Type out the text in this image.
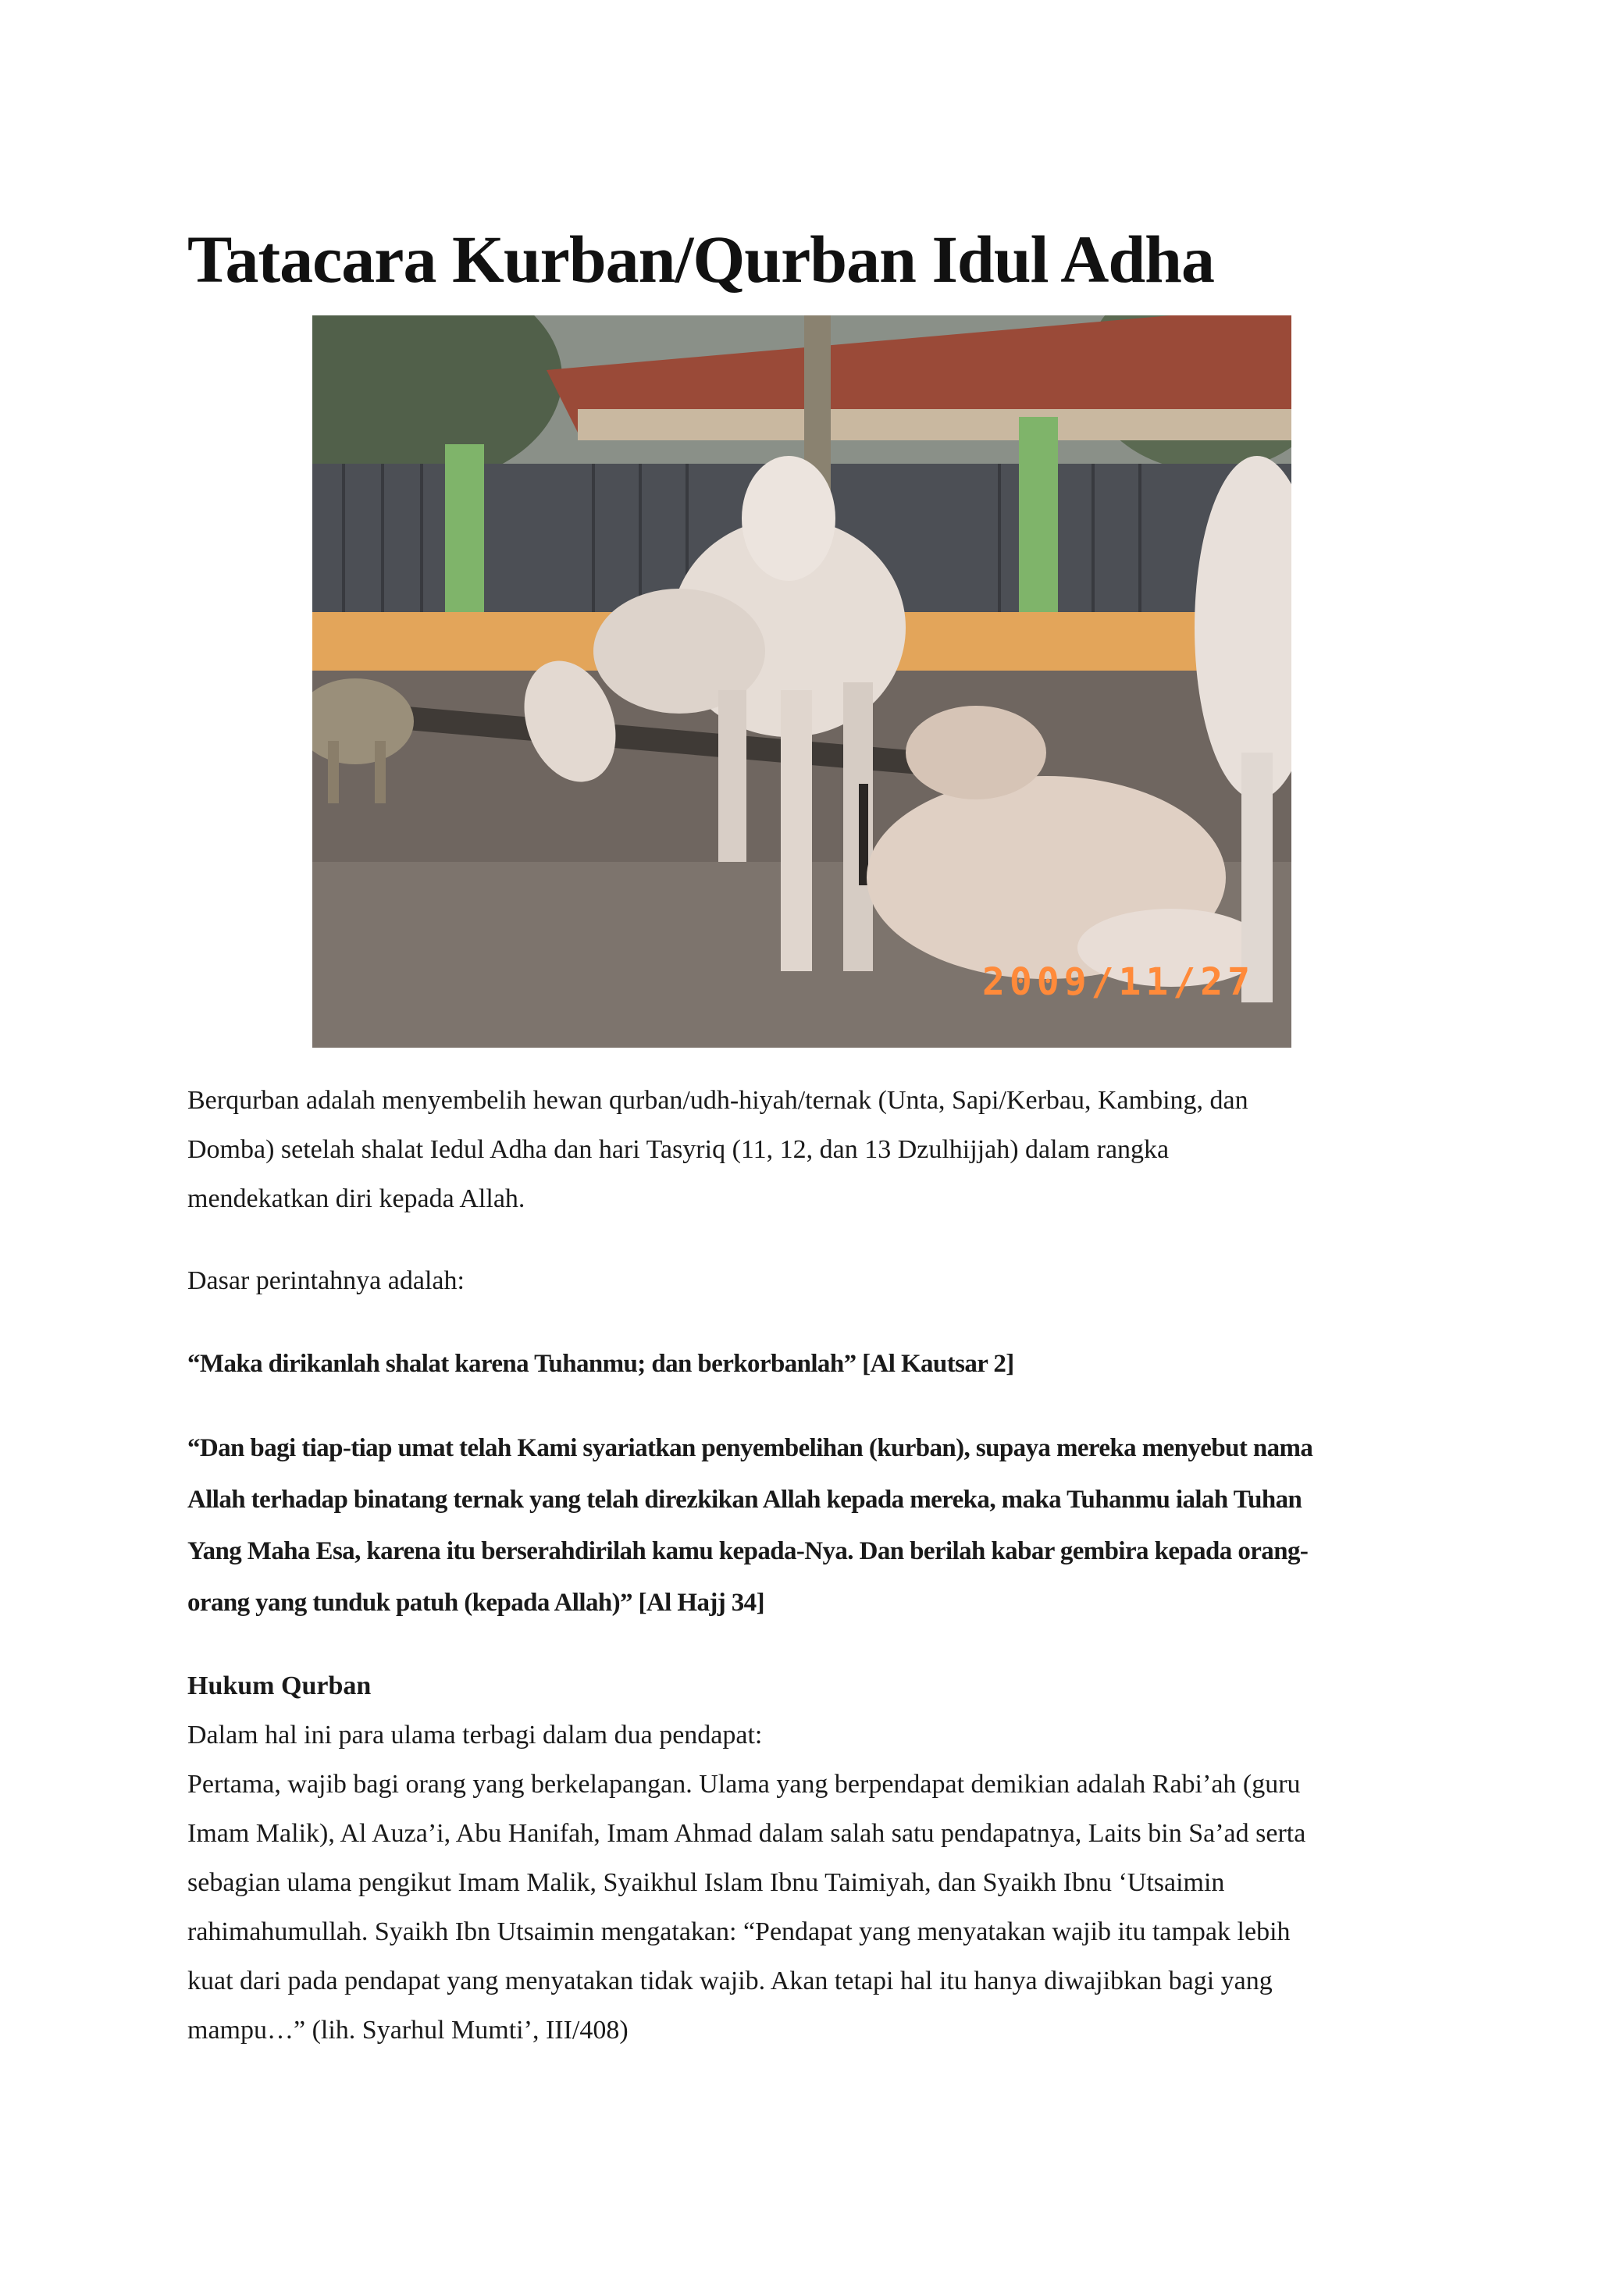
Tatacara Kurban/Qurban Idul Adha
2009/11/27

Berqurban adalah menyembelih hewan qurban/udh-hiyah/ternak (Unta, Sapi/Kerbau, Kambing, dan

Domba) setelah shalat Iedul Adha dan hari Tasyriq (11, 12, dan 13 Dzulhijjah) dalam rangka

mendekatkan diri kepada Allah.

Dasar perintahnya adalah:

“Maka dirikanlah shalat karena Tuhanmu; dan berkorbanlah” [Al Kautsar 2]

“Dan bagi tiap-tiap umat telah Kami syariatkan penyembelihan (kurban), supaya mereka menyebut nama

Allah terhadap binatang ternak yang telah direzkikan Allah kepada mereka, maka Tuhanmu ialah Tuhan

Yang Maha Esa, karena itu berserahdirilah kamu kepada-Nya. Dan berilah kabar gembira kepada orang-

orang yang tunduk patuh (kepada Allah)” [Al Hajj 34]

Hukum Qurban

Dalam hal ini para ulama terbagi dalam dua pendapat:

Pertama, wajib bagi orang yang berkelapangan. Ulama yang berpendapat demikian adalah Rabi’ah (guru

Imam Malik), Al Auza’i, Abu Hanifah, Imam Ahmad dalam salah satu pendapatnya, Laits bin Sa’ad serta

sebagian ulama pengikut Imam Malik, Syaikhul Islam Ibnu Taimiyah, dan Syaikh Ibnu ‘Utsaimin

rahimahumullah. Syaikh Ibn Utsaimin mengatakan: “Pendapat yang menyatakan wajib itu tampak lebih

kuat dari pada pendapat yang menyatakan tidak wajib. Akan tetapi hal itu hanya diwajibkan bagi yang

mampu…” (lih. Syarhul Mumti’, III/408)
